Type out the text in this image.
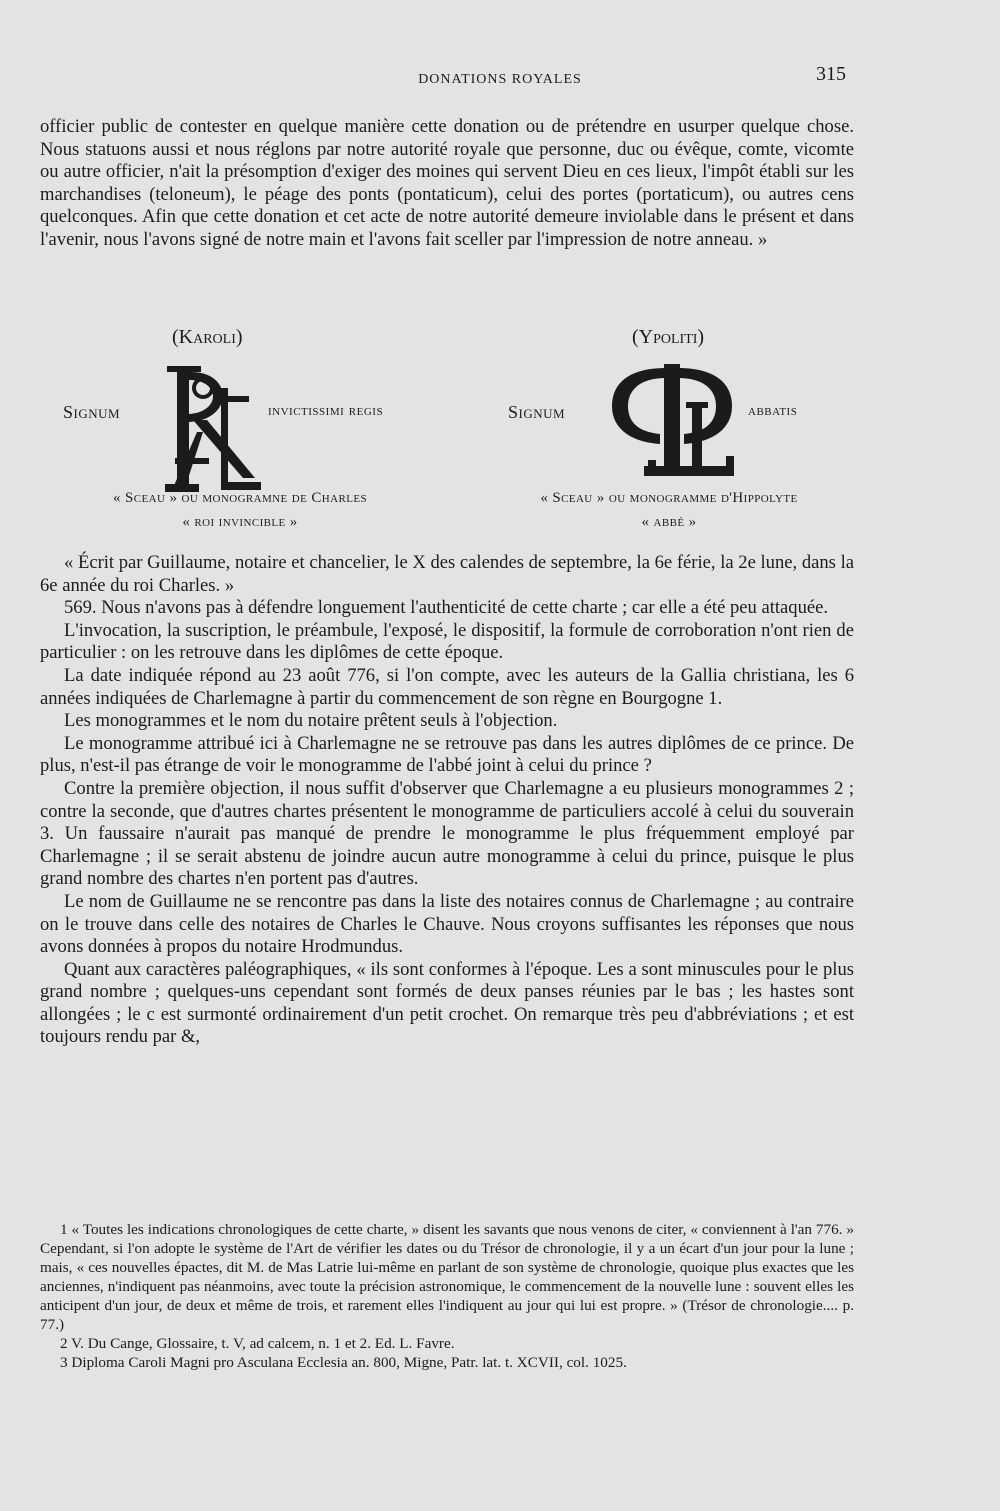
DONATIONS ROYALES	315

officier public de contester en quelque manière cette donation ou de prétendre en usurper quelque chose. Nous statuons aussi et nous réglons par notre autorité royale que personne, duc ou évêque, comte, vicomte ou autre officier, n'ait la présomption d'exiger des moines qui servent Dieu en ces lieux, l'impôt établi sur les marchandises (teloneum), le péage des ponts (pontaticum), celui des portes (portaticum), ou autres cens quelconques. Afin que cette donation et cet acte de notre autorité demeure inviolable dans le présent et dans l'avenir, nous l'avons signé de notre main et l'avons fait sceller par l'impression de notre anneau. »

(Karoli)
Signum	invictissimi regis
« Sceau » ou monogramne de Charles
« roi invincible »
(Ypoliti)
Signum	abbatis
« Sceau » ou monogramme d'Hippolyte
« abbé »

« Écrit par Guillaume, notaire et chancelier, le X des calendes de septembre, la 6e férie, la 2e lune, dans la 6e année du roi Charles. »

569. Nous n'avons pas à défendre longuement l'authenticité de cette charte ; car elle a été peu attaquée.

L'invocation, la suscription, le préambule, l'exposé, le dispositif, la formule de corroboration n'ont rien de particulier : on les retrouve dans les diplômes de cette époque.

La date indiquée répond au 23 août 776, si l'on compte, avec les auteurs de la Gallia christiana, les 6 années indiquées de Charlemagne à partir du commencement de son règne en Bourgogne 1.

Les monogrammes et le nom du notaire prêtent seuls à l'objection.

Le monogramme attribué ici à Charlemagne ne se retrouve pas dans les autres diplômes de ce prince. De plus, n'est-il pas étrange de voir le monogramme de l'abbé joint à celui du prince ?

Contre la première objection, il nous suffit d'observer que Charlemagne a eu plusieurs monogrammes 2 ; contre la seconde, que d'autres chartes présentent le monogramme de particuliers accolé à celui du souverain 3. Un faussaire n'aurait pas manqué de prendre le monogramme le plus fréquemment employé par Charlemagne ; il se serait abstenu de joindre aucun autre monogramme à celui du prince, puisque le plus grand nombre des chartes n'en portent pas d'autres.

Le nom de Guillaume ne se rencontre pas dans la liste des notaires connus de Charlemagne ; au contraire on le trouve dans celle des notaires de Charles le Chauve. Nous croyons suffisantes les réponses que nous avons données à propos du notaire Hrodmundus.

Quant aux caractères paléographiques, « ils sont conformes à l'époque. Les a sont minuscules pour le plus grand nombre ; quelques-uns cependant sont formés de deux panses réunies par le bas ; les hastes sont allongées ; le c est surmonté ordinairement d'un petit crochet. On remarque très peu d'abbréviations ; et est toujours rendu par &,

1 « Toutes les indications chronologiques de cette charte, » disent les savants que nous venons de citer, « conviennent à l'an 776. » Cependant, si l'on adopte le système de l'Art de vérifier les dates ou du Trésor de chronologie, il y a un écart d'un jour pour la lune ; mais, « ces nouvelles épactes, dit M. de Mas Latrie lui-même en parlant de son système de chronologie, quoique plus exactes que les anciennes, n'indiquent pas néanmoins, avec toute la précision astronomique, le commencement de la nouvelle lune : souvent elles les anticipent d'un jour, de deux et même de trois, et rarement elles l'indiquent au jour qui lui est propre. » (Trésor de chronologie.... p. 77.)

2 V. Du Cange, Glossaire, t. V, ad calcem, n. 1 et 2. Ed. L. Favre.

3 Diploma Caroli Magni pro Asculana Ecclesia an. 800, Migne, Patr. lat. t. XCVII, col. 1025.
